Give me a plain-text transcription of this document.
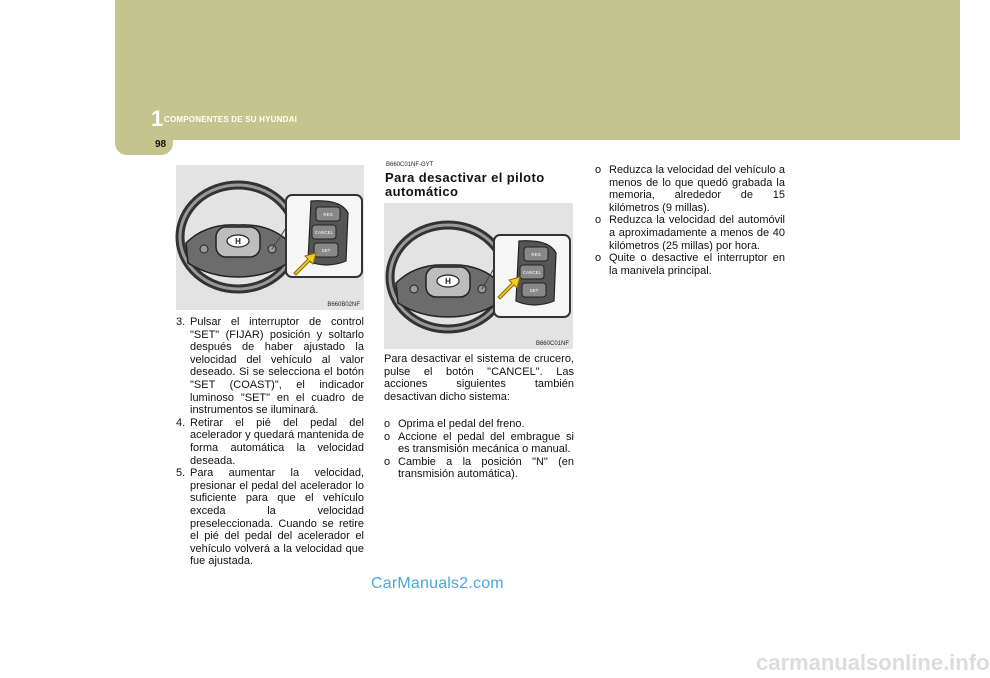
1 COMPONENTES DE SU HYUNDAI
98
H
RES
CANCEL
SET
B660B02NF
3. Pulsar el interruptor de control "SET" (FIJAR) posición y soltarlo después de haber ajustado la velocidad del vehículo al valor deseado. Si se selecciona el botón "SET (COAST)", el indicador luminoso "SET" en el cuadro de instrumentos se iluminará.
4. Retirar el pié del pedal del acelerador y quedará mantenida de forma automática la velocidad deseada.
5. Para aumentar la velocidad, presionar el pedal del acelerador lo suficiente para que el vehículo exceda la velocidad preseleccionada. Cuando se retire el pié del pedal del acelerador el vehículo volverá a la velocidad que fue ajustada.
B660C01NF-GYT
Para desactivar el piloto automático
H
RES
CANCEL
SET
B660C01NF

Para desactivar el sistema de crucero, pulse el botón "CANCEL". Las acciones siguientes también desactivan dicho sistema:

o Oprima el pedal del freno.
o Accione el pedal del embrague si es transmisión mecánica o manual.
o Cambie a la posición "N" (en transmisión automática).
o Reduzca la velocidad del vehículo a menos de lo que quedó grabada la memoria, alrededor de 15 kilómetros (9 millas).
o Reduzca la velocidad del automóvil a aproximadamente a menos de 40 kilómetros (25 millas) por hora.
o Quite o desactive el interruptor en la manivela principal.
CarManuals2.com
carmanualsonline.info
